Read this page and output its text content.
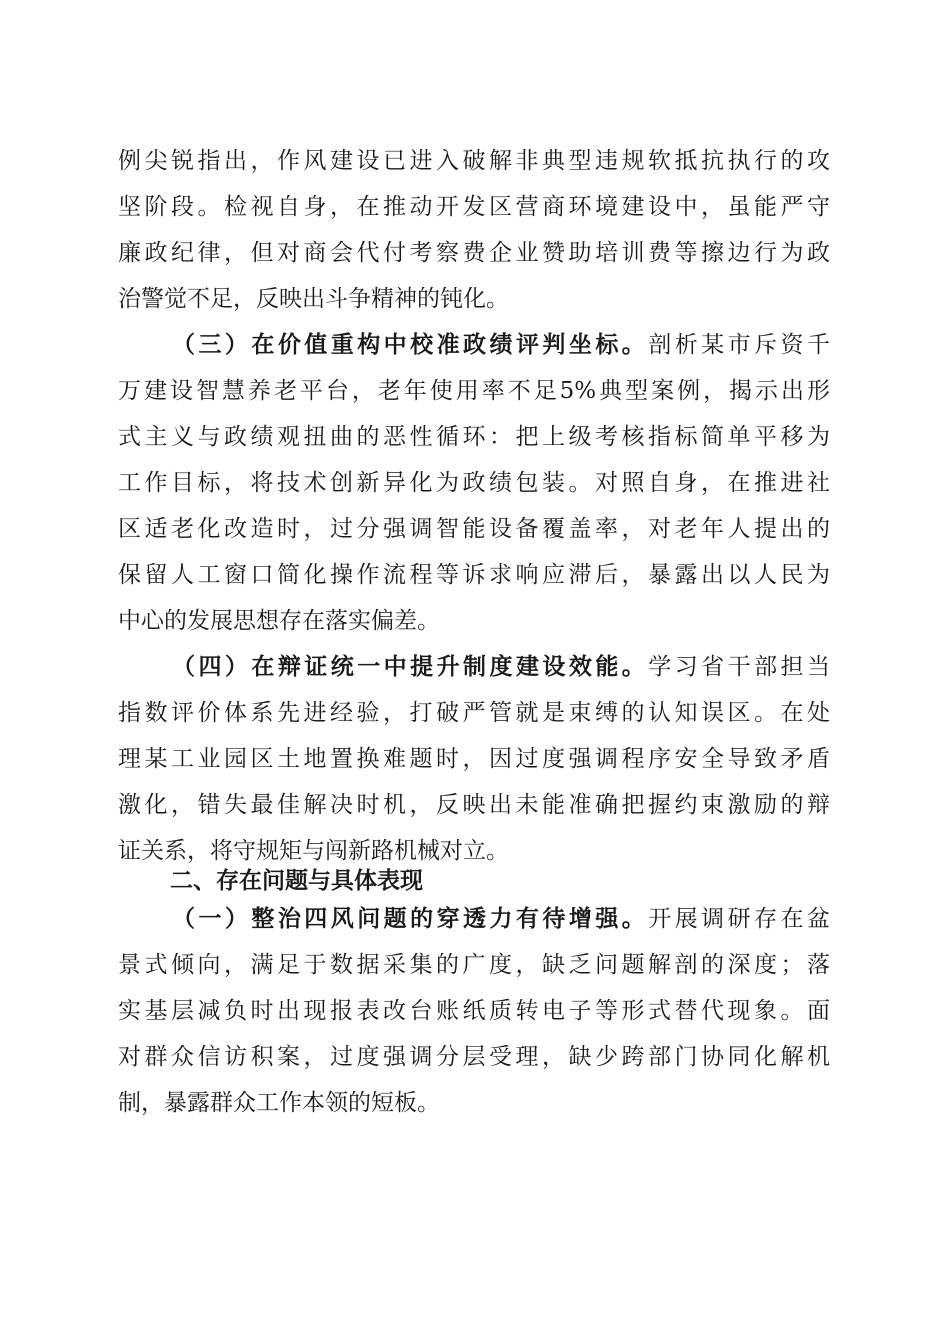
例尖锐指出，作风建设已进入破解非典型违规软抵抗执行的攻
坚阶段。检视自身，在推动开发区营商环境建设中，虽能严守
廉政纪律，但对商会代付考察费企业赞助培训费等擦边行为政
治警觉不足，反映出斗争精神的钝化。
（三）在价值重构中校准政绩评判坐标。剖析某市斥资千
万建设智慧养老平台，老年使用率不足5%典型案例，揭示出形
式主义与政绩观扭曲的恶性循环：把上级考核指标简单平移为
工作目标，将技术创新异化为政绩包装。对照自身，在推进社
区适老化改造时，过分强调智能设备覆盖率，对老年人提出的
保留人工窗口简化操作流程等诉求响应滞后，暴露出以人民为
中心的发展思想存在落实偏差。
（四）在辩证统一中提升制度建设效能。学习省干部担当
指数评价体系先进经验，打破严管就是束缚的认知误区。在处
理某工业园区土地置换难题时，因过度强调程序安全导致矛盾
激化，错失最佳解决时机，反映出未能准确把握约束激励的辩
证关系，将守规矩与闯新路机械对立。
二、存在问题与具体表现
（一）整治四风问题的穿透力有待增强。开展调研存在盆
景式倾向，满足于数据采集的广度，缺乏问题解剖的深度；落
实基层减负时出现报表改台账纸质转电子等形式替代现象。面
对群众信访积案，过度强调分层受理，缺少跨部门协同化解机
制，暴露群众工作本领的短板。
